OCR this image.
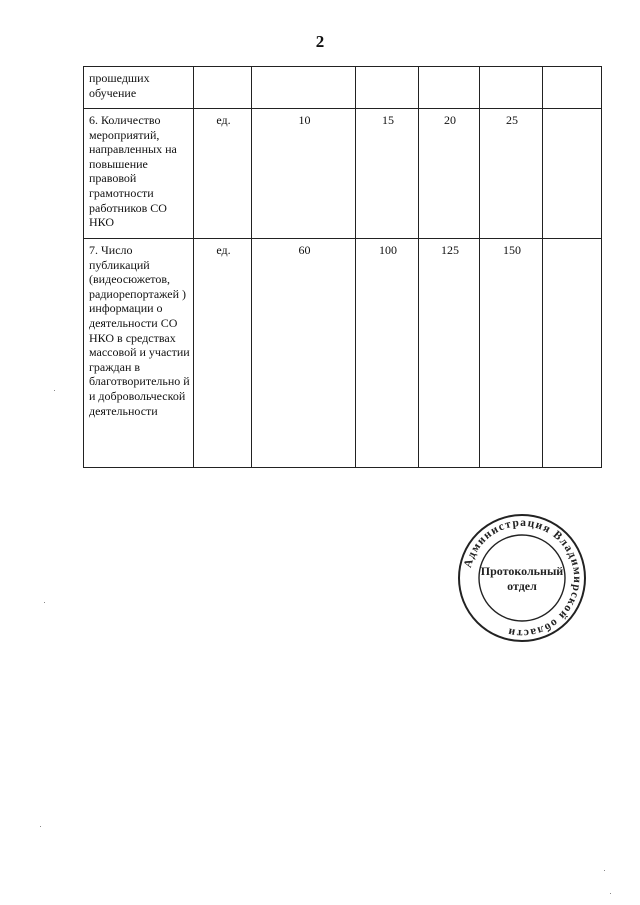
2
прошедших
обучение						
6. Количество мероприятий, направленных на повышение правовой грамотности работников СО НКО	ед.	10	15	20	25	
7. Число публикаций (видеосюжетов, радиорепортажей ) информации о деятельности СО НКО в средствах массовой и участии граждан в благотворительно й и добровольческой деятельности	ед.	60	100	125	150	
Администрация Владимирской области
Протокольный
отдел
